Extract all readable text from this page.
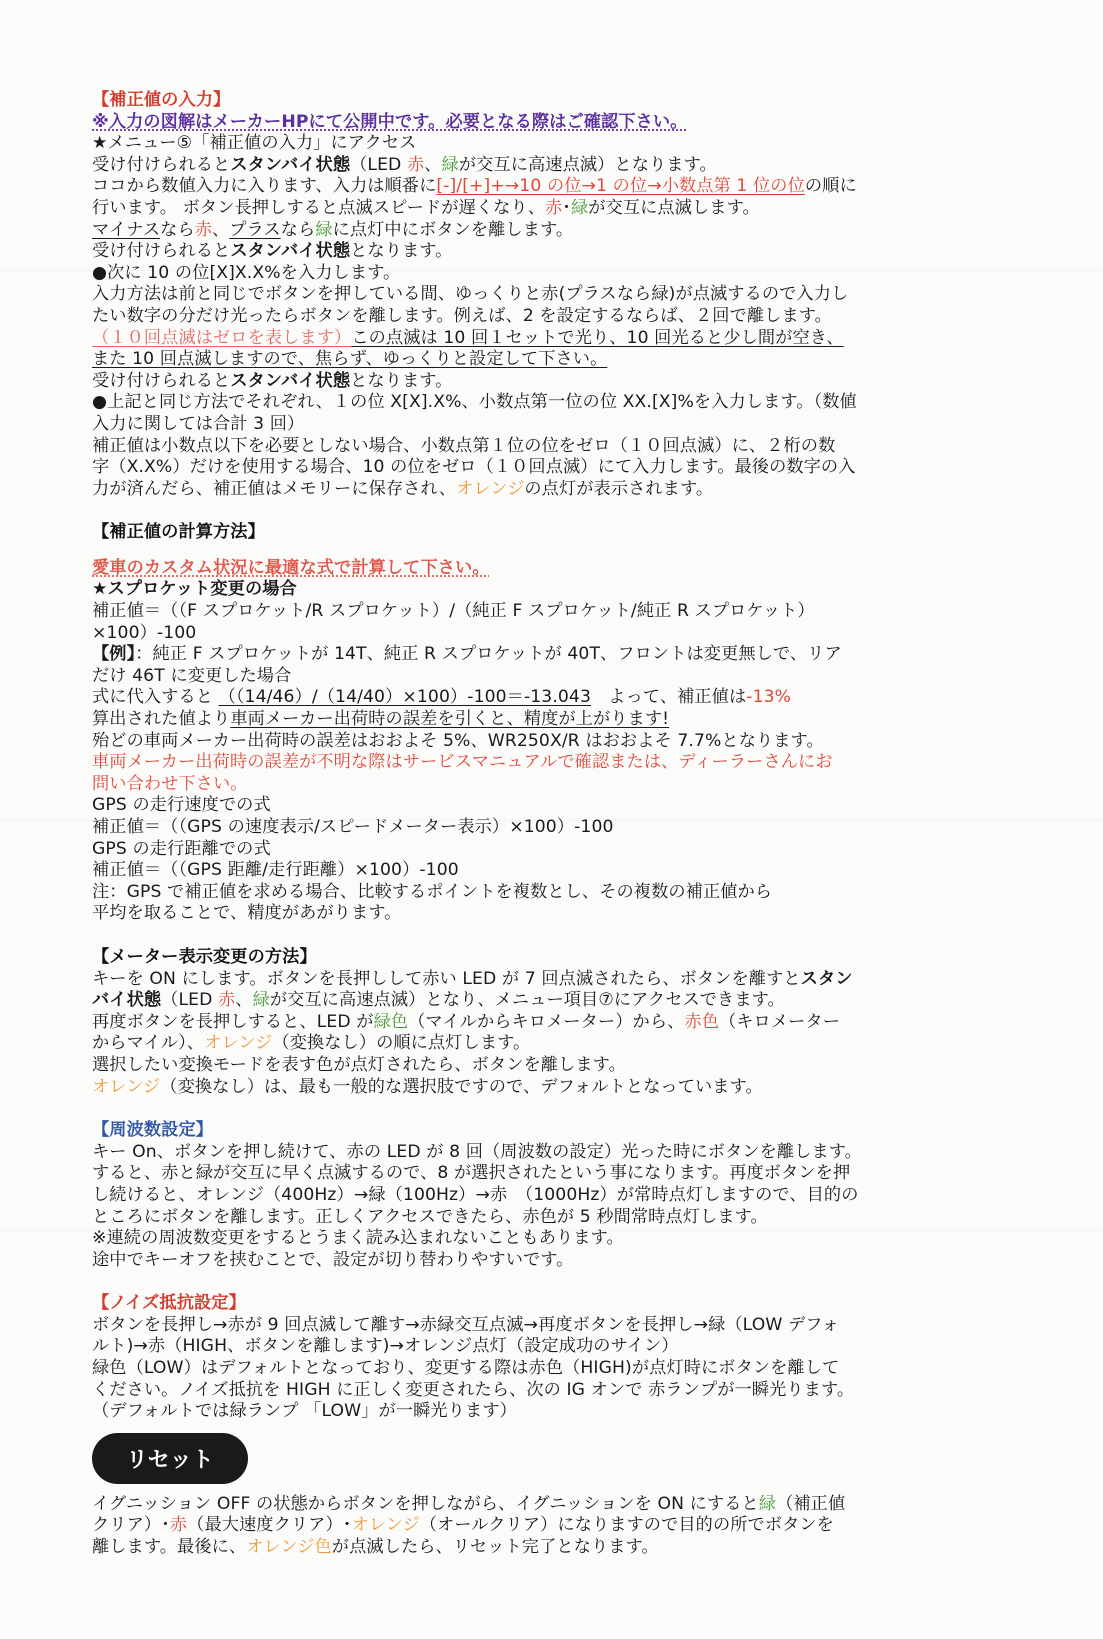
【補正値の入力】
※入力の図解はメーカーHPにて公開中です。必要となる際はご確認下さい。
★メニュー⑤「補正値の入力」にアクセス
受け付けられるとスタンバイ状態（LED 赤、緑が交互に高速点滅）となります。
ココから数値入力に入ります、入力は順番に[-]/[+]+→10 の位→1 の位→小数点第 1 位の位の順に
行います。 ボタン長押しすると点滅スピードが遅くなり、赤･緑が交互に点滅します。
マイナスなら赤、プラスなら緑に点灯中にボタンを離します。
受け付けられるとスタンバイ状態となります。
●次に 10 の位[X]X.X%を入力します。
入力方法は前と同じでボタンを押している間、ゆっくりと赤(プラスなら緑)が点滅するので入力し
たい数字の分だけ光ったらボタンを離します。例えば、2 を設定するならば、２回で離します。
（１０回点滅はゼロを表します）この点滅は 10 回１セットで光り、10 回光ると少し間が空き、
また 10 回点滅しますので、焦らず、ゆっくりと設定して下さい。
受け付けられるとスタンバイ状態となります。
●上記と同じ方法でそれぞれ、１の位 X[X].X%、小数点第一位の位 XX.[X]%を入力します。（数値
入力に関しては合計 3 回）
補正値は小数点以下を必要としない場合、小数点第１位の位をゼロ（１０回点滅）に、２桁の数
字（X.X%）だけを使用する場合、10 の位をゼロ（１０回点滅）にて入力します。最後の数字の入
力が済んだら、補正値はメモリーに保存され、オレンジの点灯が表示されます。
【補正値の計算方法】
愛車のカスタム状況に最適な式で計算して下さい。
★スプロケット変更の場合
補正値＝（（F スプロケット/R スプロケット）/（純正 F スプロケット/純正 R スプロケット）
×100）-100
【例】：純正 F スプロケットが 14T、純正 R スプロケットが 40T、フロントは変更無しで、リア
だけ 46T に変更した場合
式に代入すると （（14/46）/（14/40）×100）-100＝-13.043　よって、補正値は-13%
算出された値より車両メーカー出荷時の誤差を引くと、精度が上がります!
殆どの車両メーカー出荷時の誤差はおおよそ 5%、WR250X/R はおおよそ 7.7%となります。
車両メーカー出荷時の誤差が不明な際はサービスマニュアルで確認または、ディーラーさんにお
問い合わせ下さい。
GPS の走行速度での式
補正値＝（（GPS の速度表示/スピードメーター表示）×100）-100
GPS の走行距離での式
補正値＝（（GPS 距離/走行距離）×100）-100
注：GPS で補正値を求める場合、比較するポイントを複数とし、その複数の補正値から
平均を取ることで、精度があがります。
【メーター表示変更の方法】
キーを ON にします。ボタンを長押しして赤い LED が 7 回点滅されたら、ボタンを離すとスタン
バイ状態（LED 赤、緑が交互に高速点滅）となり、メニュー項目⑦にアクセスできます。
再度ボタンを長押しすると、LED が緑色（マイルからキロメーター）から、赤色（キロメーター
からマイル）、オレンジ（変換なし）の順に点灯します。
選択したい変換モードを表す色が点灯されたら、ボタンを離します。
オレンジ（変換なし）は、最も一般的な選択肢ですので、デフォルトとなっています。
【周波数設定】
キー On、ボタンを押し続けて、赤の LED が 8 回（周波数の設定）光った時にボタンを離します。
すると、赤と緑が交互に早く点滅するので、8 が選択されたという事になります。再度ボタンを押
し続けると、オレンジ（400Hz）→緑（100Hz）→赤　（1000Hz）が常時点灯しますので、目的の
ところにボタンを離します。正しくアクセスできたら、赤色が 5 秒間常時点灯します。
※連続の周波数変更をするとうまく読み込まれないこともあります。
途中でキーオフを挟むことで、設定が切り替わりやすいです。
【ノイズ抵抗設定】
ボタンを長押し→赤が 9 回点滅して離す→赤緑交互点滅→再度ボタンを長押し→緑（LOW デフォ
ルト)→赤（HIGH、ボタンを離します)→オレンジ点灯（設定成功のサイン）
緑色（LOW）はデフォルトとなっており、変更する際は赤色（HIGH)が点灯時にボタンを離して
ください。ノイズ抵抗を HIGH に正しく変更されたら、次の IG オンで 赤ランプが一瞬光ります。
（デフォルトでは緑ランプ 「LOW」が一瞬光ります）
リセット
イグニッション OFF の状態からボタンを押しながら、イグニッションを ON にすると緑（補正値
クリア）･赤（最大速度クリア）･オレンジ（オールクリア）になりますので目的の所でボタンを
離します。最後に、オレンジ色が点滅したら、リセット完了となります。
